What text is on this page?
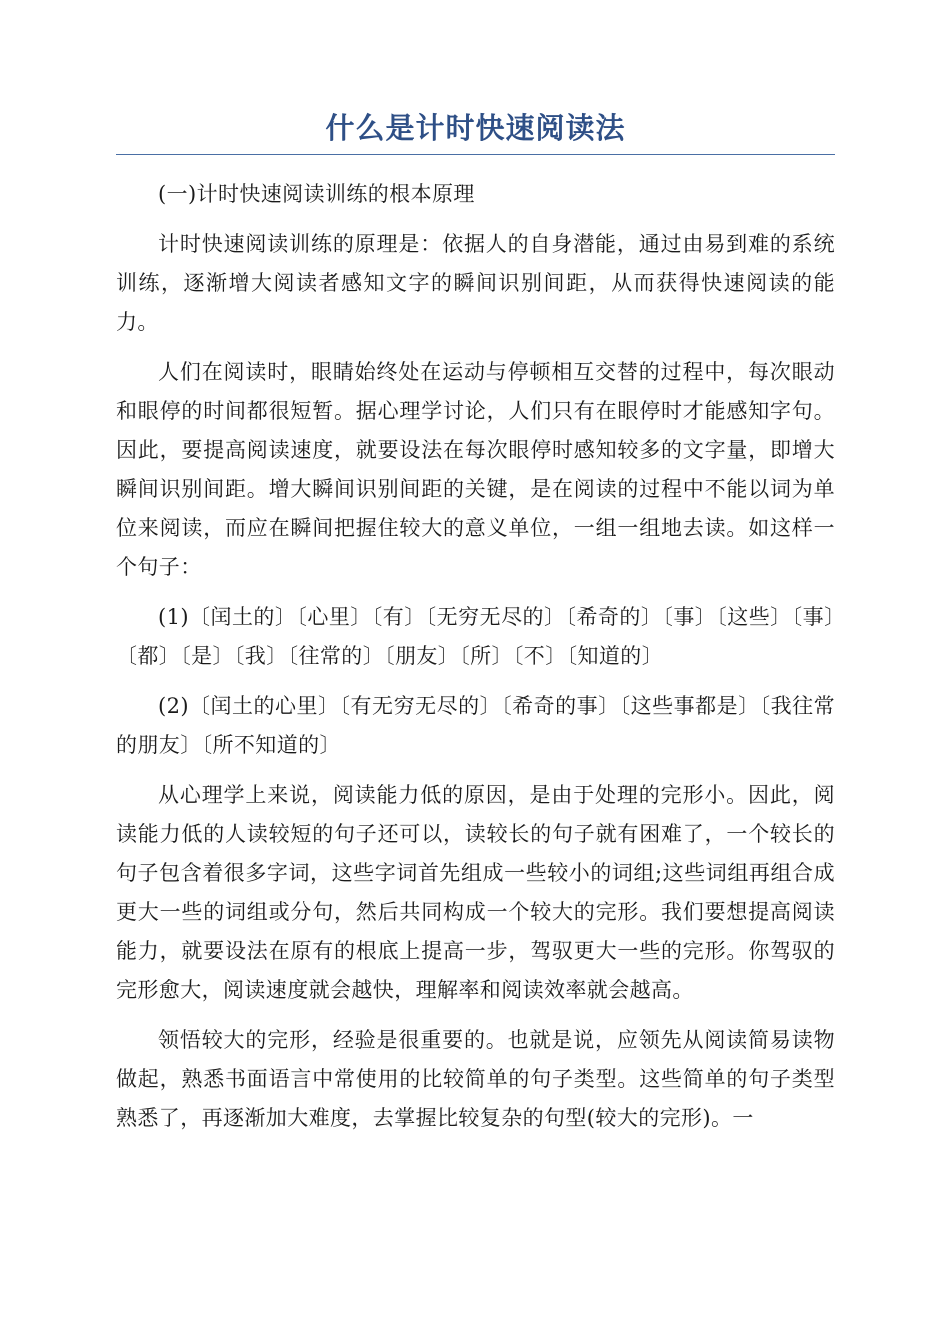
什么是计时快速阅读法

(一)计时快速阅读训练的根本原理

计时快速阅读训练的原理是：依据人的自身潜能，通过由易到难的系统训练，逐渐增大阅读者感知文字的瞬间识别间距，从而获得快速阅读的能力。

人们在阅读时，眼睛始终处在运动与停顿相互交替的过程中，每次眼动和眼停的时间都很短暂。据心理学讨论，人们只有在眼停时才能感知字句。因此，要提高阅读速度，就要设法在每次眼停时感知较多的文字量，即增大瞬间识别间距。增大瞬间识别间距的关键，是在阅读的过程中不能以词为单位来阅读，而应在瞬间把握住较大的意义单位，一组一组地去读。如这样一个句子：

(1)〔闰土的〕〔心里〕〔有〕〔无穷无尽的〕〔希奇的〕〔事〕〔这些〕〔事〕〔都〕〔是〕〔我〕〔往常的〕〔朋友〕〔所〕〔不〕〔知道的〕

(2)〔闰土的心里〕〔有无穷无尽的〕〔希奇的事〕〔这些事都是〕〔我往常的朋友〕〔所不知道的〕

从心理学上来说，阅读能力低的原因，是由于处理的完形小。因此，阅读能力低的人读较短的句子还可以，读较长的句子就有困难了，一个较长的句子包含着很多字词，这些字词首先组成一些较小的词组;这些词组再组合成更大一些的词组或分句，然后共同构成一个较大的完形。我们要想提高阅读能力，就要设法在原有的根底上提高一步，驾驭更大一些的完形。你驾驭的完形愈大，阅读速度就会越快，理解率和阅读效率就会越高。

领悟较大的完形，经验是很重要的。也就是说，应领先从阅读简易读物做起，熟悉书面语言中常使用的比较简单的句子类型。这些简单的句子类型熟悉了，再逐渐加大难度，去掌握比较复杂的句型(较大的完形)。一
